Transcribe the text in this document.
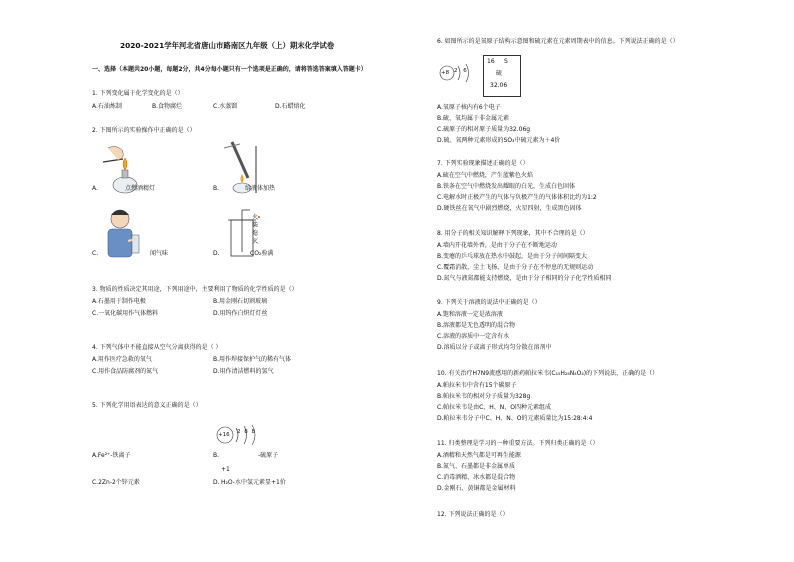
2020-2021学年河北省唐山市路南区九年级（上）期末化学试卷
一、选择（本题共20小题，每题2分，共4分每小题只有一个选项是正确的，请将答选答案填入答题卡）
1. 下列变化属于化学变化的是（）
A.石油炼制	B.食物腐烂	C.水蒸馏	D.石蜡熔化
2. 下图所示的实验操作中正确的是（）
A.	点燃酒精灯	B.	给液体加热
C.	闻气味	D.
火
柴
熄
灭
CO₂验满
3. 物质的性质决定其用途，下列用途中，主要利用了物质的化学性质的是（）
A.石墨用于制作电极	B.用金刚石切割玻璃
C.一氧化碳用作气体燃料	D.用钨作白炽灯灯丝
4. 下列气体中不能直接从空气分离获得的是（ ）
A.用作医疗急救的氧气	B.用作焊接保护气的稀有气体
C.用作食品防腐剂的氮气	D.用作清洁燃料的氢气
5. 下列化学用语表达的意义正确的是（）
+16 2 8 8
A.Fe²⁺-铁离子	B.	-硫原子
+1
C.2Zn-2个锌元素	D. H₂O-水中氢元素显+1价
6. 如图所示的是氧原子结构示意图和硫元素在元素周期表中的信息。下列说法正确的是（）
+8 2 6
16 S
硫
32.06
A.氧原子核内有6个电子
B.硫、氧均属于非金属元素
C.硫原子的相对原子质量为32.06g
D.硫、氧两种元素形成的SO₃中硫元素为＋4价
7. 下列实验现象描述正确的是（）
A.硫在空气中燃烧，产生蓝紫色火焰
B.铁条在空气中燃烧发出耀眼的白光，生成白色固体
C.电解水时正极产生的气体与负极产生的气体体积比约为1:2
D.硬铁丝在氧气中剧烈燃烧，火星四射，生成黑色固体
8. 用分子的相关知识解释下列现象，其中不合理的是（）
A.墙内开花墙外香，是由于分子在不断地运动
B.变瘪的乒乓球放在热水中鼓起，是由于分子间间隔变大
C.覆霜消散，尘土飞扬，是由于分子在不停息的无规则运动
D.氮气与液氮都能支持燃烧，是由于分子相同的分子化学性质相同
9. 下列关于溶液的说法中正确的是（）
A.饱和溶液一定是浓溶液
B.溶液都是无色透明的混合物
C.溶液的溶质中一定含有水
D.溶质以分子或离子形式均匀分散在溶剂中
10. 有关治疗H7N9流感用的新药帕拉米韦(C₁₅H₂₈N₄O₄)的下列说法，正确的是（）
A.帕拉米韦中含有15个碳原子
B.帕拉米韦的相对分子质量为328g
C.帕拉米韦是由C、H、N、O四种元素组成
D.帕拉米韦分子中C、H、N、O的元素质量比为15:28:4:4
11. 归类整理是学习的一种重要方法。下列归类正确的是（）
A.酒精和天然气都是可再生能源
B.氮气、石墨都是非金属单质
C.消毒酒精、冰水都是混合物
D.金刚石、黄铜都是金属材料
12. 下列说法正确的是（）
